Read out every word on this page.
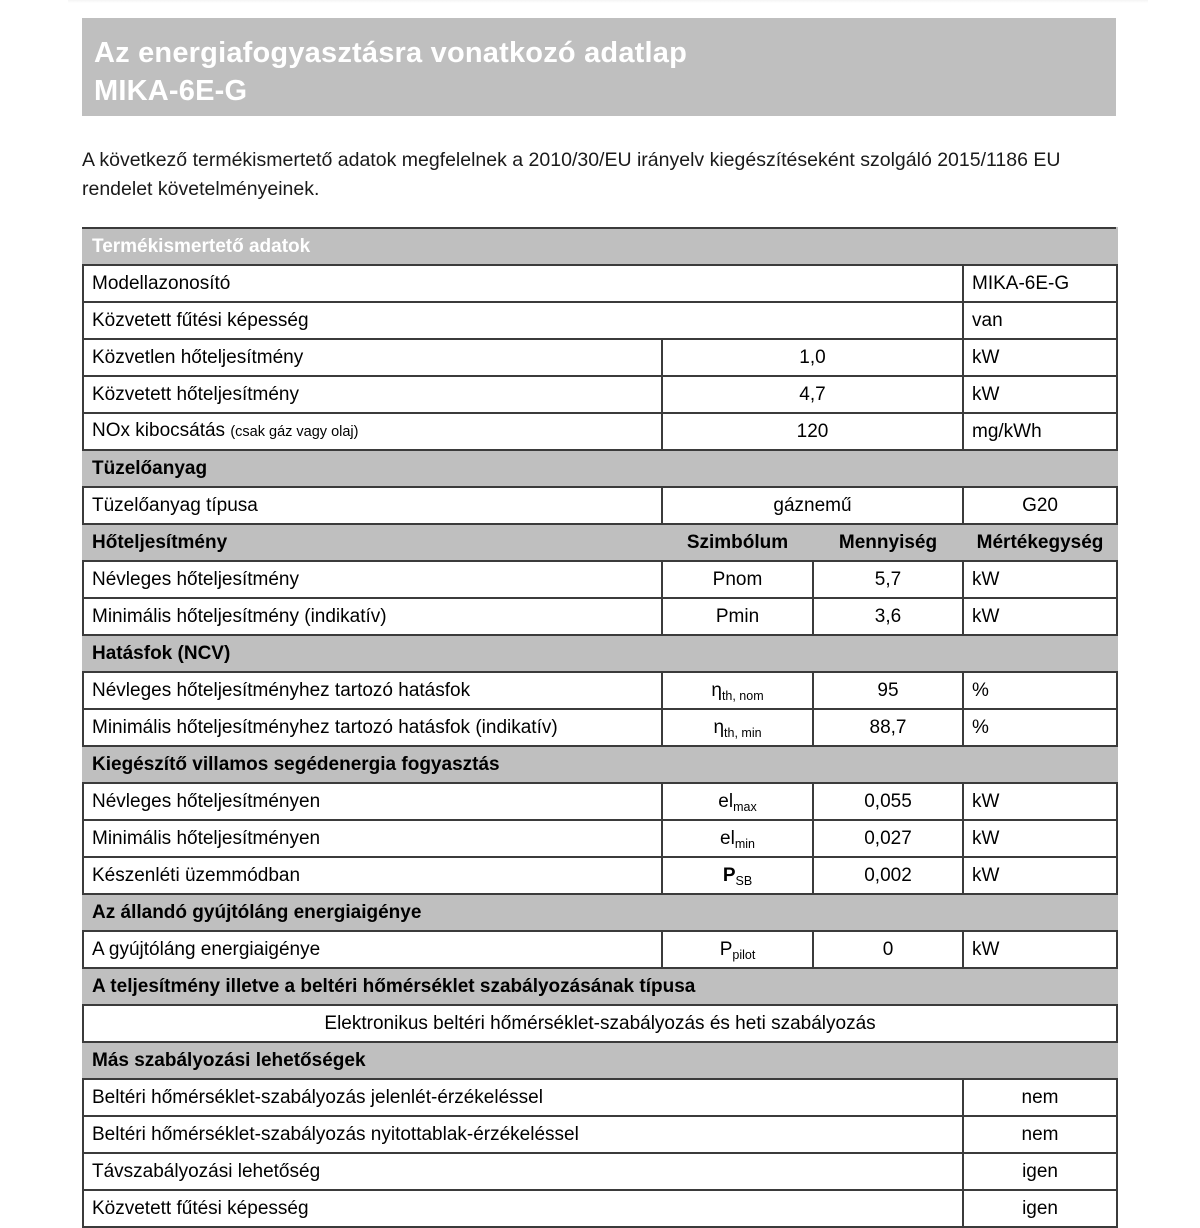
Az energiafogyasztásra vonatkozó adatlap
MIKA-6E-G
A következő termékismertető adatok megfelelnek a 2010/30/EU irányelv kiegészítéseként szolgáló 2015/1186 EU rendelet követelményeinek.
Termékismertető adatok			
Modellazonosító			MIKA-6E-G
Közvetett fűtési képesség			van
Közvetlen hőteljesítmény	1,0		kW
Közvetett hőteljesítmény	4,7		kW
NOx kibocsátás (csak gáz vagy olaj)	120		mg/kWh
Tüzelőanyag			
Tüzelőanyag típusa	gáznemű		G20
Hőteljesítmény	Szimbólum	Mennyiség	Mértékegység
Névleges hőteljesítmény	Pnom	5,7	kW
Minimális hőteljesítmény (indikatív)	Pmin	3,6	kW
Hatásfok (NCV)			
Névleges hőteljesítményhez tartozó hatásfok	$\eta_{th, nom}$	95	%
Minimális hőteljesítményhez tartozó hatásfok (indikatív)	$\eta_{th, min}$	88,7	%
Kiegészítő villamos segédenergia fogyasztás			
Névleges hőteljesítményen	$el_{max}$	0,055	kW
Minimális hőteljesítményen	$el_{min}$	0,027	kW
Készenléti üzemmódban	$P_{SB}$	0,002	kW
Az állandó gyújtóláng energiaigénye			
A gyújtóláng energiaigénye	$P_{pilot}$	0	kW
A teljesítmény illetve a beltéri hőmérséklet szabályozásának típusa			
Elektronikus beltéri hőmérséklet-szabályozás és heti szabályozás			
Más szabályozási lehetőségek			
Beltéri hőmérséklet-szabályozás jelenlét-érzékeléssel			nem
Beltéri hőmérséklet-szabályozás nyitottablak-érzékeléssel			nem
Távszabályozási lehetőség			igen
Közvetett fűtési képesség			igen
